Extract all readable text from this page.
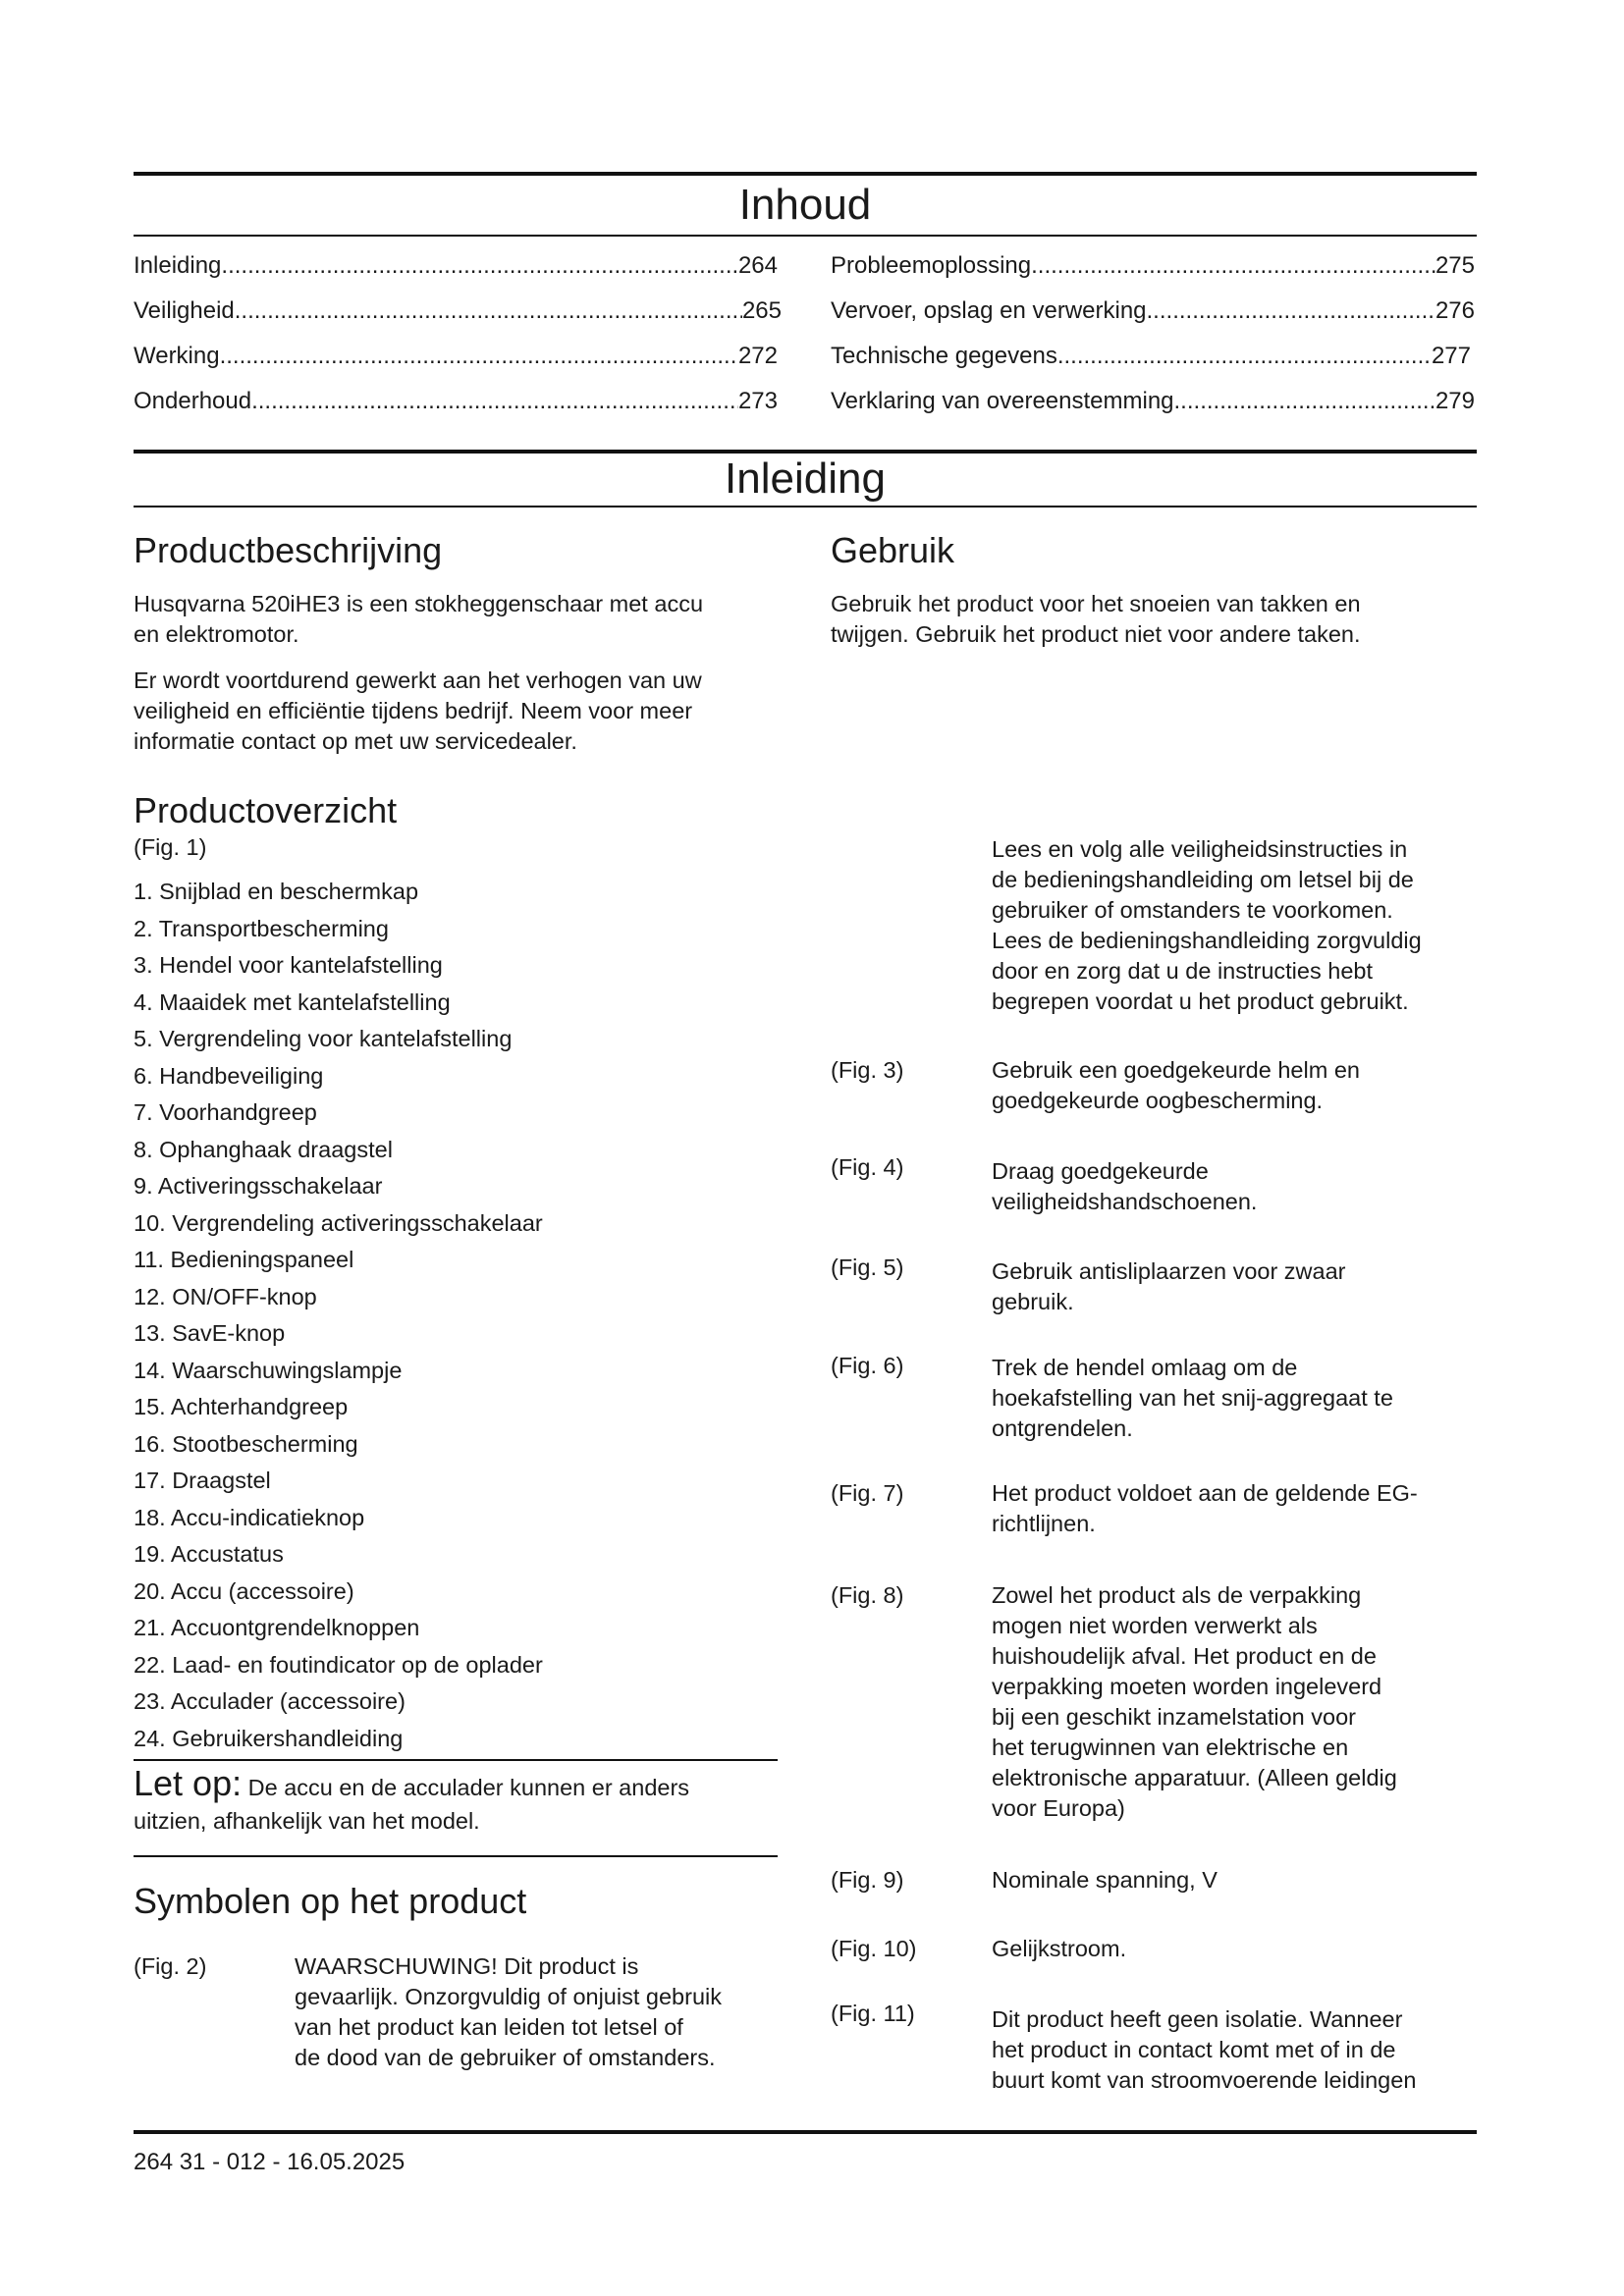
Inhoud
Inleiding .....	264
Veiligheid .....	265
Werking .....	272
Onderhoud .....	273
Probleemoplossing .....	275
Vervoer, opslag en verwerking .....	276
Technische gegevens .....	277
Verklaring van overeenstemming .....	279
Inleiding
Productbeschrijving

Husqvarna 520iHE3 is een stokheggenschaar met accu
en elektromotor.

Er wordt voortdurend gewerkt aan het verhogen van uw
veiligheid en efficiëntie tijdens bedrijf. Neem voor meer
informatie contact op met uw servicedealer.

Productoverzicht

(Fig. 1)

1. Snijblad en beschermkap
2. Transportbescherming
3. Hendel voor kantelafstelling
4. Maaidek met kantelafstelling
5. Vergrendeling voor kantelafstelling
6. Handbeveiliging
7. Voorhandgreep
8. Ophanghaak draagstel
9. Activeringsschakelaar
10. Vergrendeling activeringsschakelaar
11. Bedieningspaneel
12. ON/OFF-knop
13. SavE-knop
14. Waarschuwingslampje
15. Achterhandgreep
16. Stootbescherming
17. Draagstel
18. Accu-indicatieknop
19. Accustatus
20. Accu (accessoire)
21. Accuontgrendelknoppen
22. Laad- en foutindicator op de oplader
23. Acculader (accessoire)
24. Gebruikershandleiding
Let op: De accu en de acculader kunnen er anders
uitzien, afhankelijk van het model.
Symbolen op het product
(Fig. 2)	WAARSCHUWING! Dit product is
gevaarlijk. Onzorgvuldig of onjuist gebruik
van het product kan leiden tot letsel of
de dood van de gebruiker of omstanders.
Gebruik

Gebruik het product voor het snoeien van takken en
twijgen. Gebruik het product niet voor andere taken.

Lees en volg alle veiligheidsinstructies in
de bedieningshandleiding om letsel bij de
gebruiker of omstanders te voorkomen.
Lees de bedieningshandleiding zorgvuldig
door en zorg dat u de instructies hebt
begrepen voordat u het product gebruikt.
(Fig. 3)	Gebruik een goedgekeurde helm en
goedgekeurde oogbescherming.
(Fig. 4)	Draag goedgekeurde
veiligheidshandschoenen.
(Fig. 5)	Gebruik antisliplaarzen voor zwaar
gebruik.
(Fig. 6)	Trek de hendel omlaag om de
hoekafstelling van het snij-aggregaat te
ontgrendelen.
(Fig. 7)	Het product voldoet aan de geldende EG-
richtlijnen.
(Fig. 8)	Zowel het product als de verpakking
mogen niet worden verwerkt als
huishoudelijk afval. Het product en de
verpakking moeten worden ingeleverd
bij een geschikt inzamelstation voor
het terugwinnen van elektrische en
elektronische apparatuur. (Alleen geldig
voor Europa)
(Fig. 9)	Nominale spanning, V
(Fig. 10)	Gelijkstroom.
(Fig. 11)	Dit product heeft geen isolatie. Wanneer
het product in contact komt met of in de
buurt komt van stroomvoerende leidingen
264 31 - 012 - 16.05.2025
